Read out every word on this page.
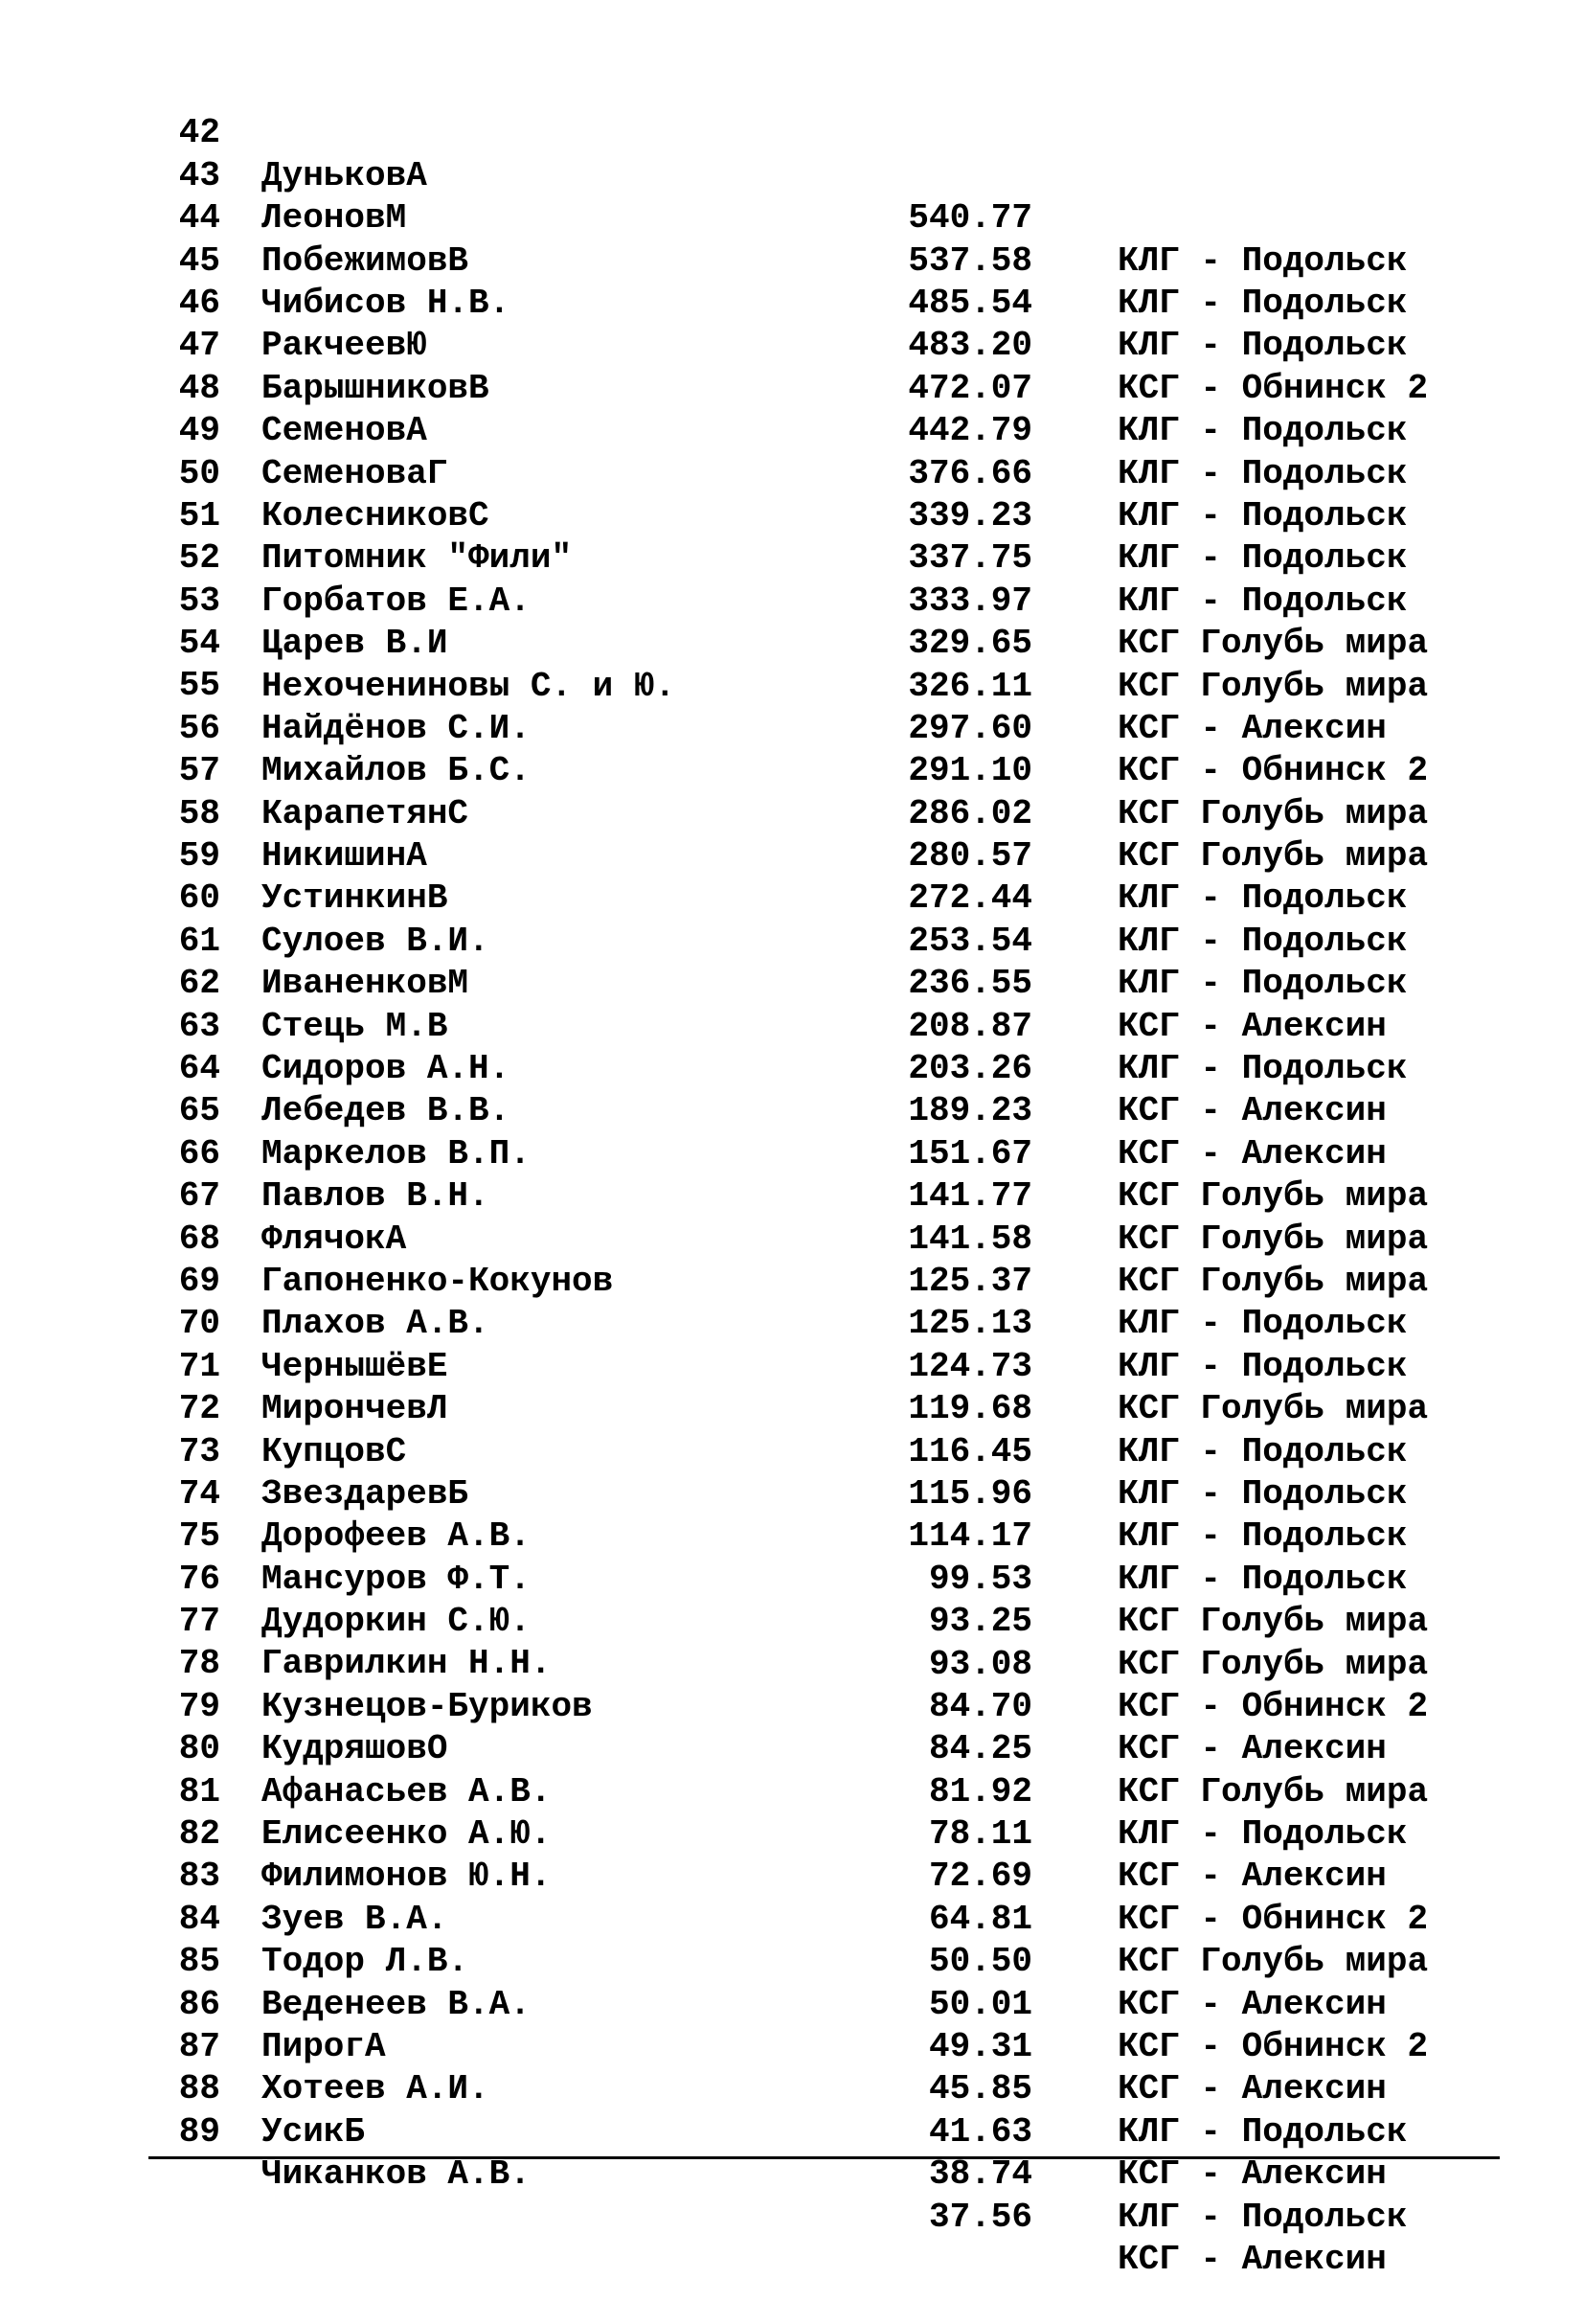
42

ДуньковА

540.77

КЛГ - Подольск

43

ЛеоновМ

537.58

КЛГ - Подольск

44

ПобежимовВ

485.54

КЛГ - Подольск

45

Чибисов Н.В.

483.20

КСГ - Обнинск 2

46

РакчеевЮ

472.07

КЛГ - Подольск

47

БарышниковВ

442.79

КЛГ - Подольск

48

СеменовА

376.66

КЛГ - Подольск

49

СеменоваГ

339.23

КЛГ - Подольск

50

КолесниковС

337.75

КЛГ - Подольск

51

Питомник "Фили"

333.97

КСГ Голубь мира

52

Горбатов Е.А.

329.65

КСГ Голубь мира

53

Царев В.И

326.11

КСГ - Алексин

54

Нехочениновы С. и Ю.

297.60

КСГ - Обнинск 2

55

Найдёнов С.И.

291.10

КСГ Голубь мира

56

Михайлов Б.С.

286.02

КСГ Голубь мира

57

КарапетянС

280.57

КЛГ - Подольск

58

НикишинА

272.44

КЛГ - Подольск

59

УстинкинВ

253.54

КЛГ - Подольск

60

Сулоев В.И.

236.55

КСГ - Алексин

61

ИваненковМ

208.87

КЛГ - Подольск

62

Стець М.В

203.26

КСГ - Алексин

63

Сидоров А.Н.

189.23

КСГ - Алексин

64

Лебедев В.В.

151.67

КСГ Голубь мира

65

Маркелов В.П.

141.77

КСГ Голубь мира

66

Павлов В.Н.

141.58

КСГ Голубь мира

67

ФлячокА

125.37

КЛГ - Подольск

68

Гапоненко-Кокунов

125.13

КЛГ - Подольск

69

Плахов А.В.

124.73

КСГ Голубь мира

70

ЧернышёвЕ

119.68

КЛГ - Подольск

71

МирончевЛ

116.45

КЛГ - Подольск

72

КупцовС

115.96

КЛГ - Подольск

73

ЗвездаревБ

114.17

КЛГ - Подольск

74

Дорофеев А.В.

99.53

КСГ Голубь мира

75

Мансуров Ф.Т.

93.25

КСГ Голубь мира

76

Дудоркин С.Ю.

93.08

КСГ - Обнинск 2

77

Гаврилкин Н.Н.

84.70

КСГ - Алексин

78

Кузнецов-Буриков

84.25

КСГ Голубь мира

79

КудряшовО

81.92

КЛГ - Подольск

80

Афанасьев А.В.

78.11

КСГ - Алексин

81

Елисеенко А.Ю.

72.69

КСГ - Обнинск 2

82

Филимонов Ю.Н.

64.81

КСГ Голубь мира

83

Зуев В.А.

50.50

КСГ - Алексин

84

Тодор Л.В.

50.01

КСГ - Обнинск 2

85

Веденеев В.А.

49.31

КСГ - Алексин

86

ПирогА

45.85

КЛГ - Подольск

87

Хотеев А.И.

41.63

КСГ - Алексин

88

УсикБ

38.74

КЛГ - Подольск

89

Чиканков А.В.

37.56

КСГ - Алексин
